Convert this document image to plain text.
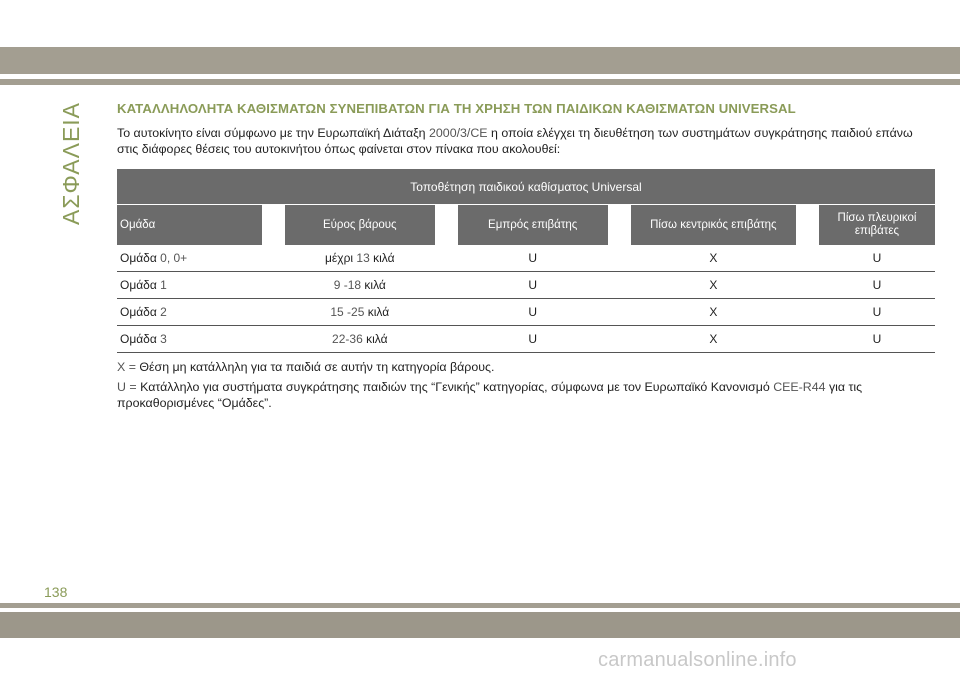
ΑΣΦΑΛΕΙΑ	ΚΑΤΑΛΛΗΛΟΛΗΤΑ ΚΑΘΙΣΜΑΤΩΝ ΣΥΝΕΠΙΒΑΤΩΝ ΓΙΑ ΤΗ ΧΡΗΣΗ ΤΩΝ ΠΑΙΔΙΚΩΝ ΚΑΘΙΣΜΑΤΩΝ UNIVERSAL
Το αυτοκίνητο είναι σύμφωνο με την Ευρωπαϊκή Διάταξη 2000/3/CE η οποία ελέγχει τη διευθέτηση των συστημάτων συγκράτησης παιδιού επάνω στις διάφορες θέσεις του αυτοκινήτου όπως φαίνεται στον πίνακα που ακολουθεί:
Τοποθέτηση παιδικού καθίσματος Universal								
Ομάδα		Εύρος βάρους		Εμπρός επιβάτης		Πίσω κεντρικός επιβάτης		Πίσω πλευρικοί επιβάτες
Ομάδα 0, 0+		μέχρι 13 κιλά		U		X		U
Ομάδα 1		9 -18 κιλά		U		X		U
Ομάδα 2		15 -25 κιλά		U		X		U
Ομάδα 3		22-36 κιλά		U		X		U

X = Θέση μη κατάλληλη για τα παιδιά σε αυτήν τη κατηγορία βάρους.

U = Κατάλληλο για συστήματα συγκράτησης παιδιών της “Γενικής” κατηγορίας, σύμφωνα με τον Ευρωπαϊκό Κανονισμό CEE-R44 για τις προκαθορισμένες “Ομάδες”.

138
carmanualsonline.info
